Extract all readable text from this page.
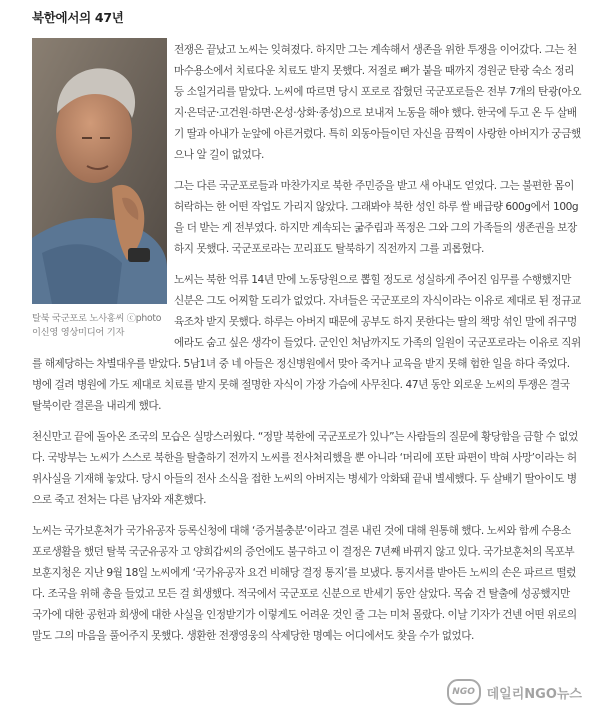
북한에서의 47년
탈북 국군포로 노사홍씨 ⓒphoto 이신영 영상미디어 기자

전쟁은 끝났고 노씨는 잊혀졌다. 하지만 그는 계속해서 생존을 위한 투쟁을 이어갔다. 그는 천마수용소에서 치료다운 치료도 받지 못했다. 저절로 뼈가 붙을 때까지 경원군 탄광 숙소 정리 등 소일거리를 맡았다. 노씨에 따르면 당시 포로로 잡혔던 국군포로들은 전부 7개의 탄광(아오지·은덕군·고건원·하면·온성·상화·종성)으로 보내져 노동을 해야 했다. 한국에 두고 온 두 살배기 딸과 아내가 눈앞에 아른거렸다. 특히 외동아들이던 자신을 끔찍이 사랑한 아버지가 궁금했으나 알 길이 없었다.

그는 다른 국군포로들과 마찬가지로 북한 주민증을 받고 새 아내도 얻었다. 그는 불편한 몸이 허락하는 한 어떤 작업도 가리지 않았다. 그래봐야 북한 성인 하루 쌀 배급량 600g에서 100g을 더 받는 게 전부였다. 하지만 계속되는 굶주림과 폭정은 그와 그의 가족들의 생존권을 보장하지 못했다. 국군포로라는 꼬리표도 탈북하기 직전까지 그를 괴롭혔다.

노씨는 북한 억류 14년 만에 노동당원으로 뽑힐 정도로 성실하게 주어진 임무를 수행했지만 신분은 그도 어찌할 도리가 없었다. 자녀들은 국군포로의 자식이라는 이유로 제대로 된 정규교육조차 받지 못했다. 하루는 아버지 때문에 공부도 하지 못한다는 딸의 책망 섞인 말에 쥐구멍에라도 숨고 싶은 생각이 들었다. 군인인 처남까지도 가족의 일원이 국군포로라는 이유로 직위를 해제당하는 차별대우를 받았다. 5남1녀 중 네 아들은 정신병원에서 맞아 죽거나 교육을 받지 못해 험한 일을 하다 죽었다. 병에 걸려 병원에 가도 제대로 치료를 받지 못해 절명한 자식이 가장 가슴에 사무친다. 47년 동안 외로운 노씨의 투쟁은 결국 탈북이란 결론을 내리게 했다.

천신만고 끝에 돌아온 조국의 모습은 실망스러웠다. “정말 북한에 국군포로가 있나”는 사람들의 질문에 황당함을 금할 수 없었다. 국방부는 노씨가 스스로 북한을 탈출하기 전까지 노씨를 전사처리했을 뿐 아니라 ‘머리에 포탄 파편이 박혀 사망’이라는 허위사실을 기재해 놓았다. 당시 아들의 전사 소식을 접한 노씨의 아버지는 병세가 악화돼 끝내 별세했다. 두 살배기 딸아이도 병으로 죽고 전처는 다른 남자와 재혼했다.

노씨는 국가보훈처가 국가유공자 등록신청에 대해 ‘증거불충분’이라고 결론 내린 것에 대해 원통해 했다. 노씨와 함께 수용소 포로생활을 했던 탈북 국군유공자 고 양희갑씨의 증언에도 불구하고 이 결정은 7년째 바뀌지 않고 있다. 국가보훈처의 목포부보훈지청은 지난 9월 18일 노씨에게 ‘국가유공자 요건 비해당 결정 통지’를 보냈다. 통지서를 받아든 노씨의 손은 파르르 떨렸다. 조국을 위해 총을 들었고 모든 걸 희생했다. 적국에서 국군포로 신분으로 반세기 동안 살았다. 목숨 건 탈출에 성공했지만 국가에 대한 공헌과 희생에 대한 사실을 인정받기가 이렇게도 어려운 것인 줄 그는 미처 몰랐다. 이날 기자가 건넨 어떤 위로의 말도 그의 마음을 풀어주지 못했다. 생환한 전쟁영웅의 삭제당한 명예는 어디에서도 찾을 수가 없었다.

NGO 데일리NGO뉴스
